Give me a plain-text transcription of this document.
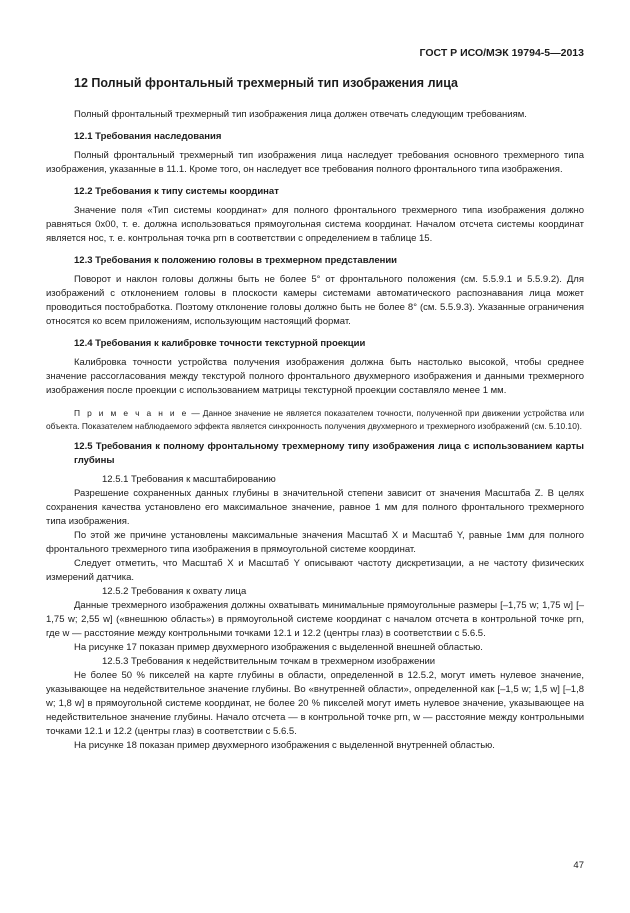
ГОСТ Р ИСО/МЭК 19794-5—2013

12 Полный фронтальный трехмерный тип изображения лица

Полный фронтальный трехмерный тип изображения лица должен отвечать следующим требованиям.

12.1 Требования наследования

Полный фронтальный трехмерный тип изображения лица наследует требования основного трехмерного типа изображения, указанные в 11.1. Кроме того, он наследует все требования полного фронтального типа изображения.

12.2 Требования к типу системы координат

Значение поля «Тип системы координат» для полного фронтального трехмерного типа изображения должно равняться 0x00, т. е. должна использоваться прямоугольная система координат. Началом отсчета системы координат является нос, т. е. контрольная точка prn в соответствии с определением в таблице 15.

12.3 Требования к положению головы в трехмерном представлении

Поворот и наклон головы должны быть не более 5° от фронтального положения (см. 5.5.9.1 и 5.5.9.2). Для изображений с отклонением головы в плоскости камеры системами автоматического распознавания лица может проводиться постобработка. Поэтому отклонение головы должно быть не более 8° (см. 5.5.9.3). Указанные ограничения относятся ко всем приложениям, использующим настоящий формат.

12.4 Требования к калибровке точности текстурной проекции

Калибровка точности устройства получения изображения должна быть настолько высокой, чтобы среднее значение рассогласования между текстурой полного фронтального двухмерного изображения и данными трехмерного изображения после проекции с использованием матрицы текстурной проекции составляло менее 1 мм.

П р и м е ч а н и е — Данное значение не является показателем точности, полученной при движении устройства или объекта. Показателем наблюдаемого эффекта является синхронность получения двухмерного и трехмерного изображений (см. 5.10.10).

12.5 Требования к полному фронтальному трехмерному типу изображения лица с использованием карты глубины

12.5.1 Требования к масштабированию

Разрешение сохраненных данных глубины в значительной степени зависит от значения Масштаба Z. В целях сохранения качества установлено его максимальное значение, равное 1 мм для полного фронтального трехмерного типа изображения.

По этой же причине установлены максимальные значения Масштаб X и Масштаб Y, равные 1мм для полного фронтального трехмерного типа изображения в прямоугольной системе координат.

Следует отметить, что Масштаб X и Масштаб Y описывают частоту дискретизации, а не частоту физических измерений датчика.

12.5.2 Требования к охвату лица

Данные трехмерного изображения должны охватывать минимальные прямоугольные размеры [–1,75 w; 1,75 w] [–1,75 w; 2,55 w] («внешнюю область») в прямоугольной системе координат с началом отсчета в контрольной точке prn, где w — расстояние между контрольными точками 12.1 и 12.2 (центры глаз) в соответствии с 5.6.5.

На рисунке 17 показан пример двухмерного изображения с выделенной внешней областью.

12.5.3 Требования к недействительным точкам в трехмерном изображении

Не более 50 % пикселей на карте глубины в области, определенной в 12.5.2, могут иметь нулевое значение, указывающее на недействительное значение глубины. Во «внутренней области», определенной как [–1,5 w; 1,5 w] [–1,8 w; 1,8 w] в прямоугольной системе координат, не более 20 % пикселей могут иметь нулевое значение, указывающее на недействительное значение глубины. Начало отсчета — в контрольной точке prn, w — расстояние между контрольными точками 12.1 и 12.2 (центры глаз) в соответствии с 5.6.5.

На рисунке 18 показан пример двухмерного изображения с выделенной внутренней областью.

47
